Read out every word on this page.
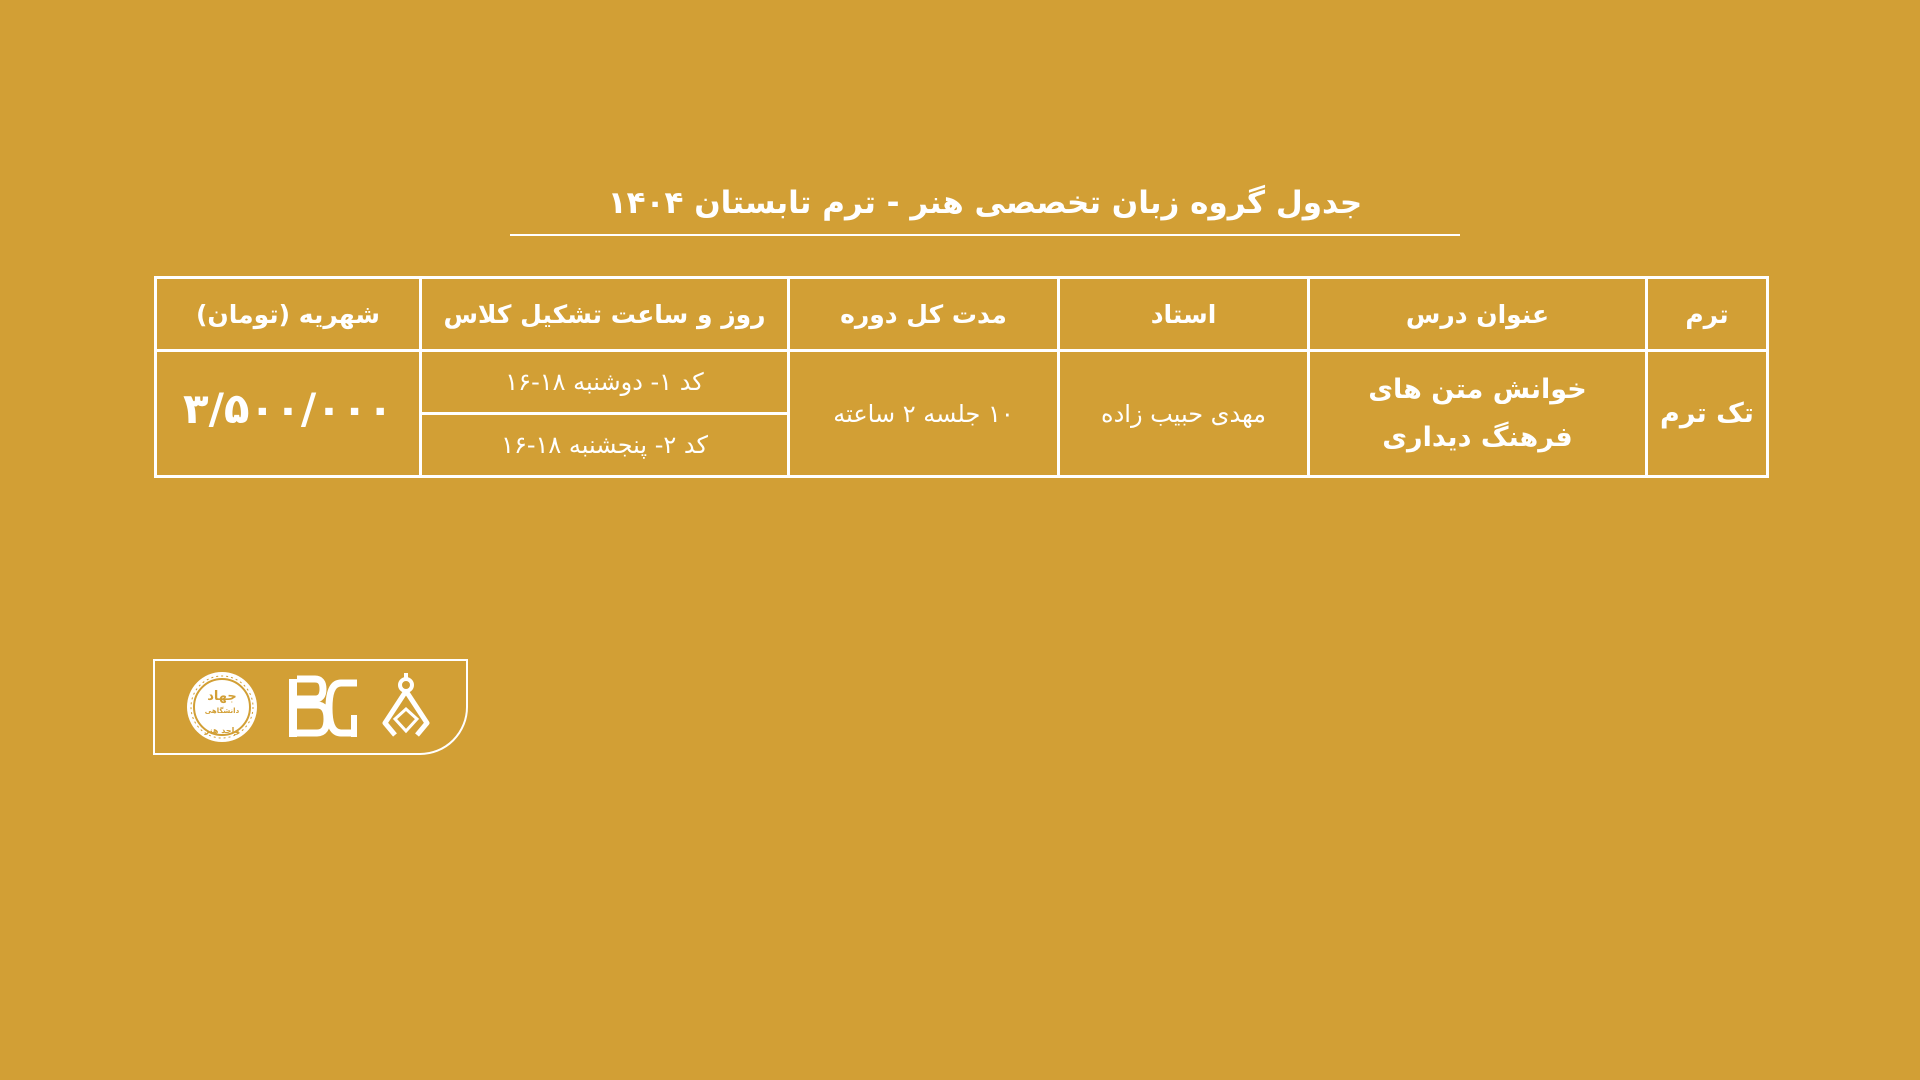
جدول گروه زبان تخصصی هنر - ترم تابستان ۱۴۰۴
ترم	عنوان درس	استاد	مدت کل دوره	روز و ساعت تشکیل کلاس	شهریه (تومان)
تک ترم	خوانش متن های فرهنگ دیداری	مهدی حبیب زاده	۱۰ جلسه ۲ ساعته	کد ۱- دوشنبه ۱۸-۱۶	۳/۵۰۰/۰۰۰
				کد ۲- پنجشنبه ۱۸-۱۶	
جهاد
دانشگاهی
واحد هنر
